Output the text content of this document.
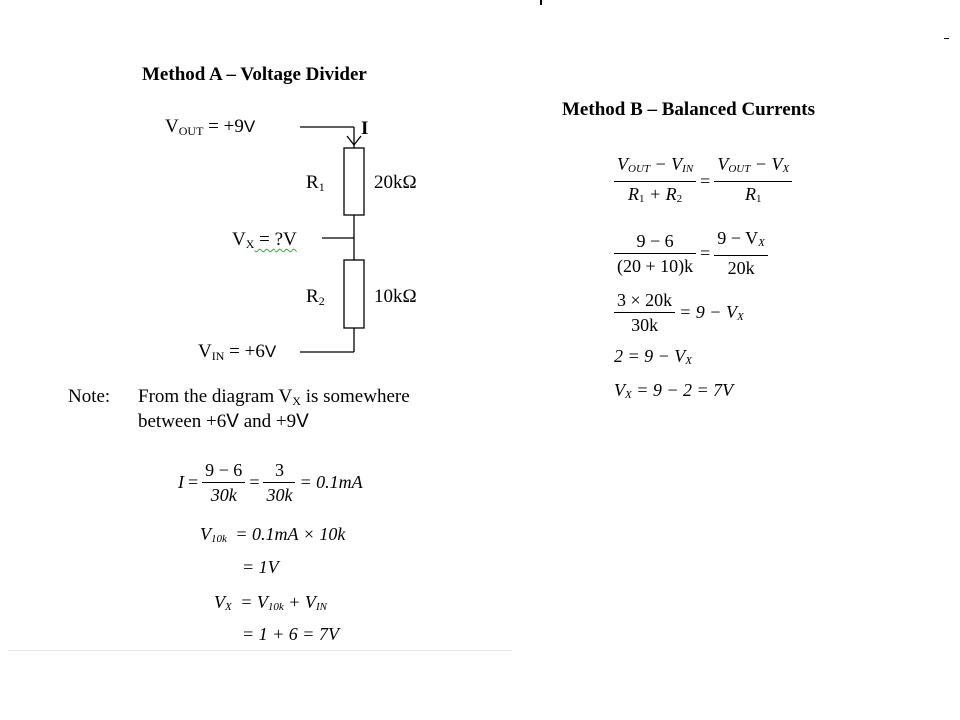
Method A – Voltage Divider
$V_{OUT} = +9V$	I
$R_1$	20kΩ
$V_X$ = ?V
$R_2$	10kΩ
$V_{IN} = +6V$
Note: From the diagram $V_X$ is somewhere
between +6V and +9V
$I = \frac{9 - 6}{30k} = \frac{3}{30k} = 0.1mA$
V10k = 0.1mA × 10k
= 1V
VX = V10k + VIN
= 1 + 6 = 7V
Method B – Balanced Currents
$\frac{\text{VOUT − VIN}}{R1 + R2} = \frac{\text{VOUT − VX}}{R1}$
$\frac{9 - 6}{(20 + 10)k} = \frac{9 - VX}{20k}$
$\frac{3 \times 20k}{30k} = 9$ − VX
2 = 9 − VX
VX = 9 − 2 = 7V
